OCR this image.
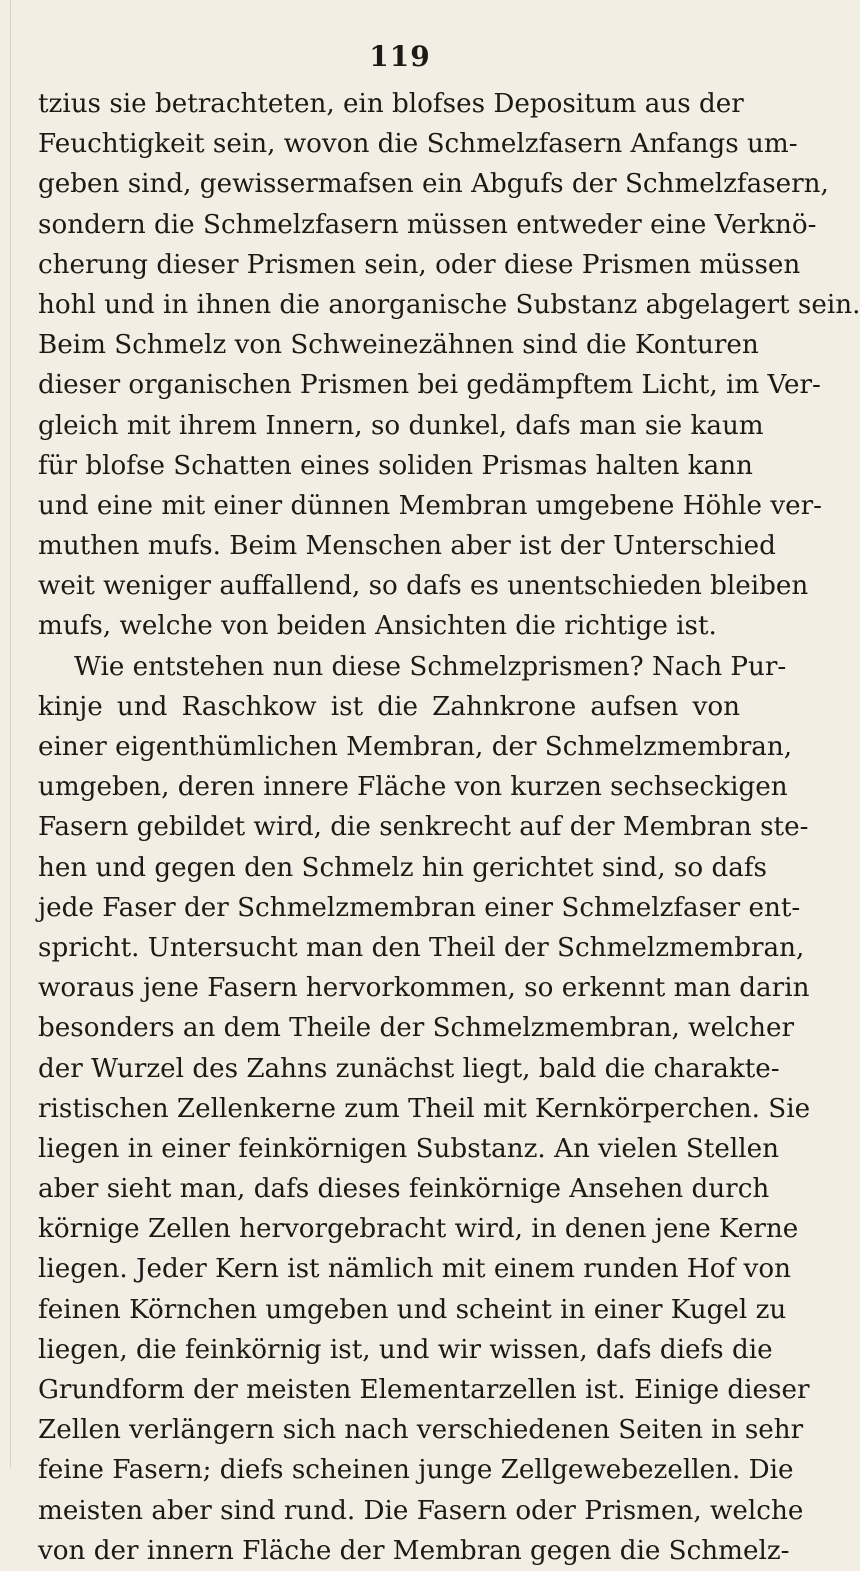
119
tzius sie betrachteten, ein blofses Depositum aus der
Feuchtigkeit sein, wovon die Schmelzfasern Anfangs um-
geben sind, gewissermafsen ein Abgufs der Schmelzfasern,
sondern die Schmelzfasern müssen entweder eine Verknö-
cherung dieser Prismen sein, oder diese Prismen müssen
hohl und in ihnen die anorganische Substanz abgelagert sein.
Beim Schmelz von Schweinezähnen sind die Konturen
dieser organischen Prismen bei gedämpftem Licht, im Ver-
gleich mit ihrem Innern, so dunkel, dafs man sie kaum
für blofse Schatten eines soliden Prismas halten kann
und eine mit einer dünnen Membran umgebene Höhle ver-
muthen mufs. Beim Menschen aber ist der Unterschied
weit weniger auffallend, so dafs es unentschieden bleiben
mufs, welche von beiden Ansichten die richtige ist.
Wie entstehen nun diese Schmelzprismen? Nach Pur-
kinje und Raschkow ist die Zahnkrone aufsen von
einer eigenthümlichen Membran, der Schmelzmembran,
umgeben, deren innere Fläche von kurzen sechseckigen
Fasern gebildet wird, die senkrecht auf der Membran ste-
hen und gegen den Schmelz hin gerichtet sind, so dafs
jede Faser der Schmelzmembran einer Schmelzfaser ent-
spricht. Untersucht man den Theil der Schmelzmembran,
woraus jene Fasern hervorkommen, so erkennt man darin
besonders an dem Theile der Schmelzmembran, welcher
der Wurzel des Zahns zunächst liegt, bald die charakte-
ristischen Zellenkerne zum Theil mit Kernkörperchen. Sie
liegen in einer feinkörnigen Substanz. An vielen Stellen
aber sieht man, dafs dieses feinkörnige Ansehen durch
körnige Zellen hervorgebracht wird, in denen jene Kerne
liegen. Jeder Kern ist nämlich mit einem runden Hof von
feinen Körnchen umgeben und scheint in einer Kugel zu
liegen, die feinkörnig ist, und wir wissen, dafs diefs die
Grundform der meisten Elementarzellen ist. Einige dieser
Zellen verlängern sich nach verschiedenen Seiten in sehr
feine Fasern; diefs scheinen junge Zellgewebezellen. Die
meisten aber sind rund. Die Fasern oder Prismen, welche
von der innern Fläche der Membran gegen die Schmelz-
